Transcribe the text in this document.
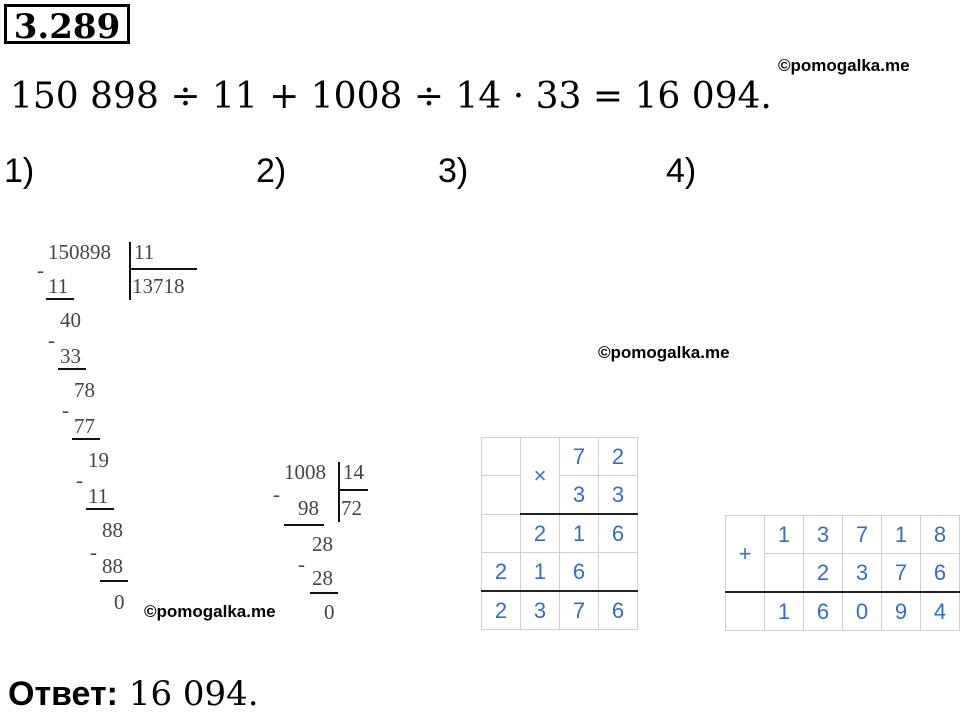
3.289
©pomogalka.me
©pomogalka.me
©pomogalka.me
150 898 ÷ 11 + 1008 ÷ 14 · 33 = 16 094.
1)	2)	3)	4)
150898 11
13718
-
11
40
-
33
78
-
77
19
-
11
88
-
88
0
1008 14
72
-
98
28
-
28
0
	×	7	2
		3	3
	2	1	6
2	1	6	
2	3	7	6
+	1	3	7	1	8
		2	3	7	6
	1	6	0	9	4
Ответ: 16 094.
